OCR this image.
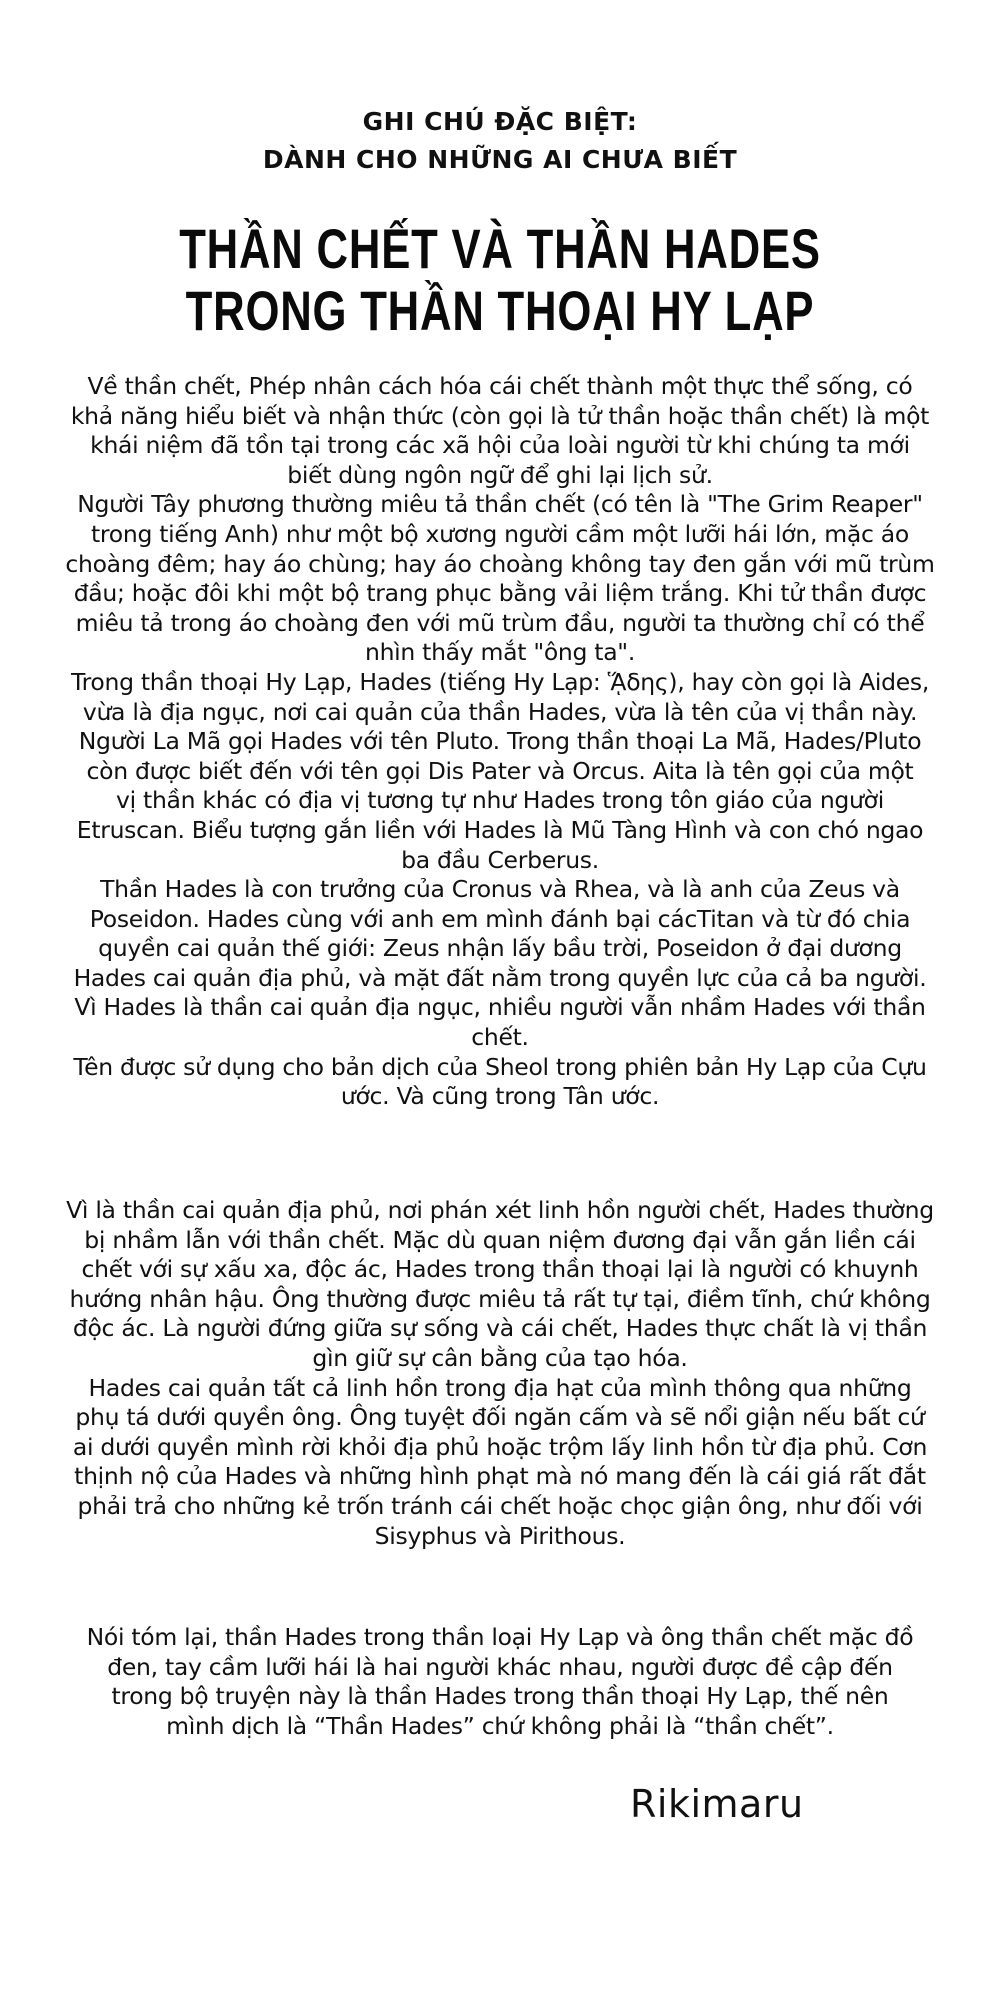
GHI CHÚ ĐẶC BIỆT:
DÀNH CHO NHỮNG AI CHƯA BIẾT
THẦN CHẾT VÀ THẦN HADES
TRONG THẦN THOẠI HY LẠP
Về thần chết, Phép nhân cách hóa cái chết thành một thực thể sống, có
khả năng hiểu biết và nhận thức (còn gọi là tử thần hoặc thần chết) là một
khái niệm đã tồn tại trong các xã hội của loài người từ khi chúng ta mới
biết dùng ngôn ngữ để ghi lại lịch sử.
Người Tây phương thường miêu tả thần chết (có tên là "The Grim Reaper"
trong tiếng Anh) như một bộ xương người cầm một lưỡi hái lớn, mặc áo
choàng đêm; hay áo chùng; hay áo choàng không tay đen gắn với mũ trùm
đầu; hoặc đôi khi một bộ trang phục bằng vải liệm trắng. Khi tử thần được
miêu tả trong áo choàng đen với mũ trùm đầu, người ta thường chỉ có thể
nhìn thấy mắt "ông ta".
Trong thần thoại Hy Lạp, Hades (tiếng Hy Lạp: ᾍδης), hay còn gọi là Aides,
vừa là địa ngục, nơi cai quản của thần Hades, vừa là tên của vị thần này.
Người La Mã gọi Hades với tên Pluto. Trong thần thoại La Mã, Hades/Pluto
còn được biết đến với tên gọi Dis Pater và Orcus. Aita là tên gọi của một
vị thần khác có địa vị tương tự như Hades trong tôn giáo của người
Etruscan. Biểu tượng gắn liền với Hades là Mũ Tàng Hình và con chó ngao
ba đầu Cerberus.
Thần Hades là con trưởng của Cronus và Rhea, và là anh của Zeus và
Poseidon. Hades cùng với anh em mình đánh bại cácTitan và từ đó chia
quyền cai quản thế giới: Zeus nhận lấy bầu trời, Poseidon ở đại dương
Hades cai quản địa phủ, và mặt đất nằm trong quyền lực của cả ba người.
Vì Hades là thần cai quản địa ngục, nhiều người vẫn nhầm Hades với thần
chết.
Tên được sử dụng cho bản dịch của Sheol trong phiên bản Hy Lạp của Cựu
ước. Và cũng trong Tân ước.
Vì là thần cai quản địa phủ, nơi phán xét linh hồn người chết, Hades thường
bị nhầm lẫn với thần chết. Mặc dù quan niệm đương đại vẫn gắn liền cái
chết với sự xấu xa, độc ác, Hades trong thần thoại lại là người có khuynh
hướng nhân hậu. Ông thường được miêu tả rất tự tại, điềm tĩnh, chứ không
độc ác. Là người đứng giữa sự sống và cái chết, Hades thực chất là vị thần
gìn giữ sự cân bằng của tạo hóa.
Hades cai quản tất cả linh hồn trong địa hạt của mình thông qua những
phụ tá dưới quyền ông. Ông tuyệt đối ngăn cấm và sẽ nổi giận nếu bất cứ
ai dưới quyền mình rời khỏi địa phủ hoặc trộm lấy linh hồn từ địa phủ. Cơn
thịnh nộ của Hades và những hình phạt mà nó mang đến là cái giá rất đắt
phải trả cho những kẻ trốn tránh cái chết hoặc chọc giận ông, như đối với
Sisyphus và Pirithous.
Nói tóm lại, thần Hades trong thần loại Hy Lạp và ông thần chết mặc đồ
đen, tay cầm lưỡi hái là hai người khác nhau, người được đề cập đến
trong bộ truyện này là thần Hades trong thần thoại Hy Lạp, thế nên
mình dịch là “Thần Hades” chứ không phải là “thần chết”.
Rikimaru
